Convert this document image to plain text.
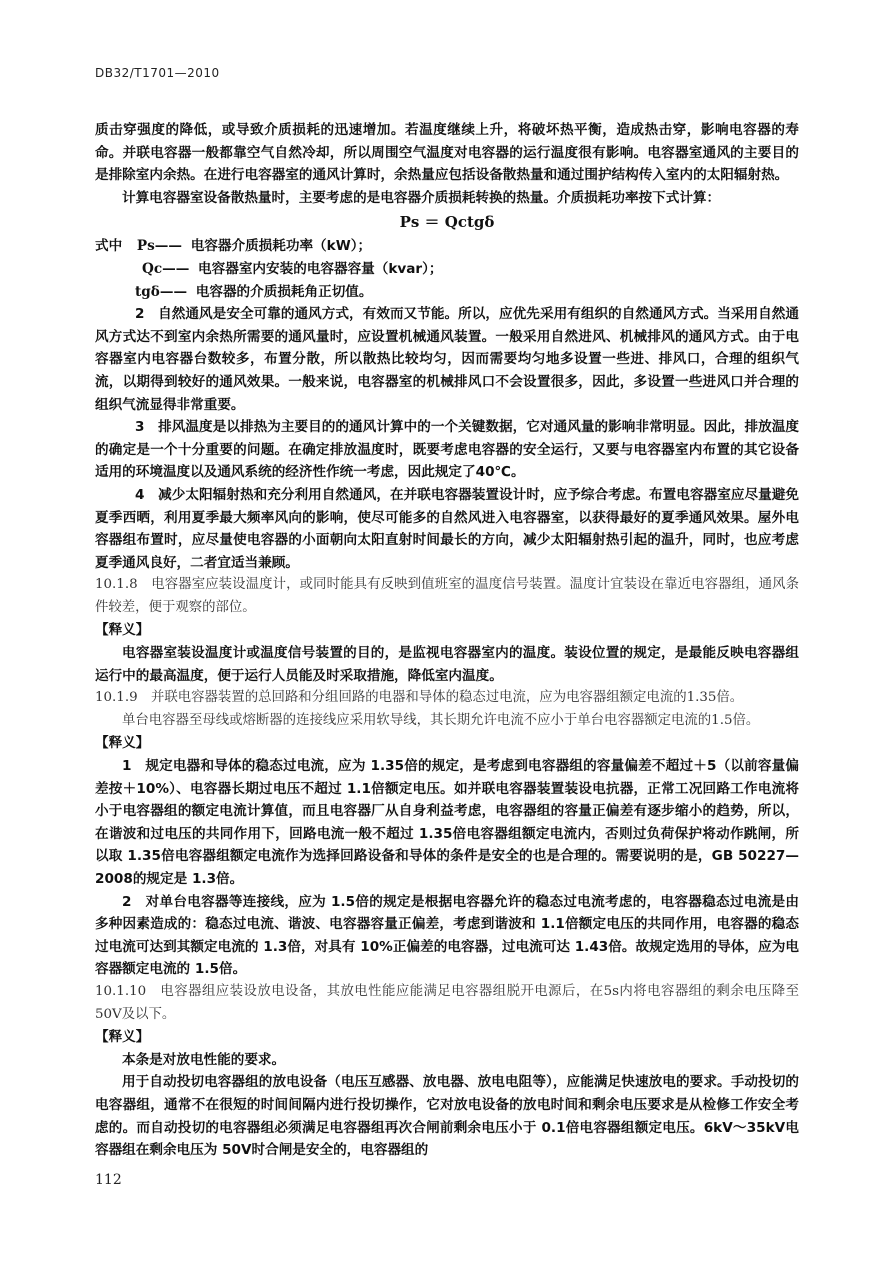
DB32/T1701—2010

质击穿强度的降低，或导致介质损耗的迅速增加。若温度继续上升，将破坏热平衡，造成热击穿，影响电容器的寿命。并联电容器一般都靠空气自然冷却，所以周围空气温度对电容器的运行温度很有影响。电容器室通风的主要目的是排除室内余热。在进行电容器室的通风计算时，余热量应包括设备散热量和通过围护结构传入室内的太阳辐射热。

计算电容器室设备散热量时，主要考虑的是电容器介质损耗转换的热量。介质损耗功率按下式计算：

Ps ＝ Qctgδ

式中 Ps—— 电容器介质损耗功率（kW）；

Qc—— 电容器室内安装的电容器容量（kvar）；

tgδ—— 电容器的介质损耗角正切值。

2　自然通风是安全可靠的通风方式，有效而又节能。所以，应优先采用有组织的自然通风方式。当采用自然通风方式达不到室内余热所需要的通风量时，应设置机械通风装置。一般采用自然进风、机械排风的通风方式。由于电容器室内电容器台数较多，布置分散，所以散热比较均匀，因而需要均匀地多设置一些进、排风口，合理的组织气流，以期得到较好的通风效果。一般来说，电容器室的机械排风口不会设置很多，因此，多设置一些进风口并合理的组织气流显得非常重要。

3　排风温度是以排热为主要目的的通风计算中的一个关键数据，它对通风量的影响非常明显。因此，排放温度的确定是一个十分重要的问题。在确定排放温度时，既要考虑电容器的安全运行，又要与电容器室内布置的其它设备适用的环境温度以及通风系统的经济性作统一考虑，因此规定了40℃。

4　减少太阳辐射热和充分利用自然通风，在并联电容器装置设计时，应予综合考虑。布置电容器室应尽量避免夏季西晒，利用夏季最大频率风向的影响，使尽可能多的自然风进入电容器室，以获得最好的夏季通风效果。屋外电容器组布置时，应尽量使电容器的小面朝向太阳直射时间最长的方向，减少太阳辐射热引起的温升，同时，也应考虑夏季通风良好，二者宜适当兼顾。

10.1.8　电容器室应装设温度计，或同时能具有反映到值班室的温度信号装置。温度计宜装设在靠近电容器组，通风条件较差，便于观察的部位。

【释义】

电容器室装设温度计或温度信号装置的目的，是监视电容器室内的温度。装设位置的规定，是最能反映电容器组运行中的最高温度，便于运行人员能及时采取措施，降低室内温度。

10.1.9　并联电容器装置的总回路和分组回路的电器和导体的稳态过电流，应为电容器组额定电流的1.35倍。

单台电容器至母线或熔断器的连接线应采用软导线，其长期允许电流不应小于单台电容器额定电流的1.5倍。

【释义】

1　规定电器和导体的稳态过电流，应为 1.35倍的规定，是考虑到电容器组的容量偏差不超过＋5（以前容量偏差按＋10%）、电容器长期过电压不超过 1.1倍额定电压。如并联电容器装置装设电抗器，正常工况回路工作电流将小于电容器组的额定电流计算值，而且电容器厂从自身利益考虑，电容器组的容量正偏差有逐步缩小的趋势，所以，在谐波和过电压的共同作用下，回路电流一般不超过 1.35倍电容器组额定电流内，否则过负荷保护将动作跳闸，所以取 1.35倍电容器组额定电流作为选择回路设备和导体的条件是安全的也是合理的。需要说明的是，GB 50227—2008的规定是 1.3倍。

2　对单台电容器等连接线，应为 1.5倍的规定是根据电容器允许的稳态过电流考虑的，电容器稳态过电流是由多种因素造成的：稳态过电流、谐波、电容器容量正偏差，考虑到谐波和 1.1倍额定电压的共同作用，电容器的稳态过电流可达到其额定电流的 1.3倍，对具有 10%正偏差的电容器，过电流可达 1.43倍。故规定选用的导体，应为电容器额定电流的 1.5倍。

10.1.10　电容器组应装设放电设备，其放电性能应能满足电容器组脱开电源后，在5s内将电容器组的剩余电压降至50V及以下。

【释义】

本条是对放电性能的要求。

用于自动投切电容器组的放电设备（电压互感器、放电器、放电电阻等），应能满足快速放电的要求。手动投切的电容器组，通常不在很短的时间间隔内进行投切操作，它对放电设备的放电时间和剩余电压要求是从检修工作安全考虑的。而自动投切的电容器组必须满足电容器组再次合闸前剩余电压小于 0.1倍电容器组额定电压。6kV～35kV电容器组在剩余电压为 50V时合闸是安全的，电容器组的

112
